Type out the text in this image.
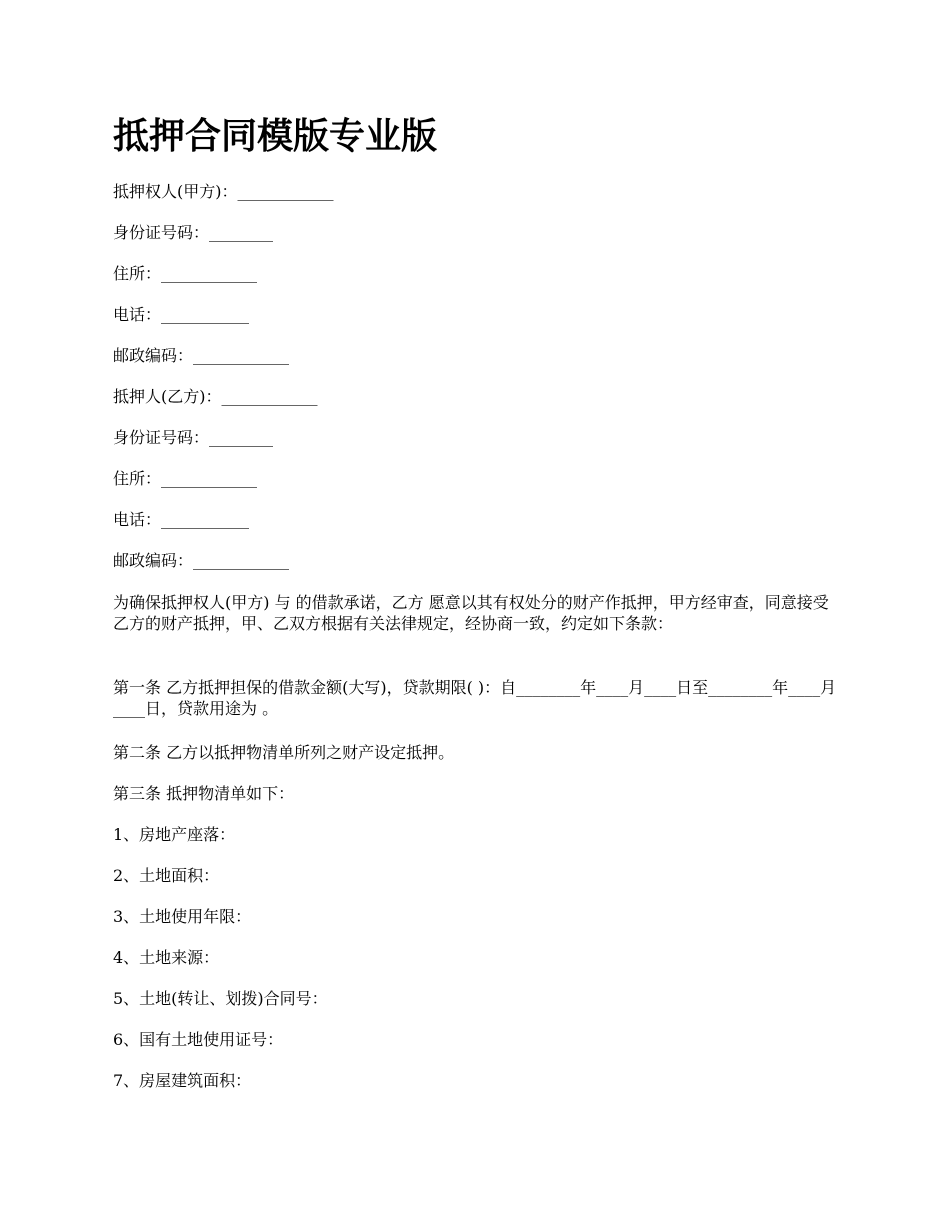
抵押合同模版专业版

抵押权人(甲方)：____________

身份证号码：________

住所：____________

电话：___________

邮政编码：____________

抵押人(乙方)：____________

身份证号码：________

住所：____________

电话：___________

邮政编码：____________

为确保抵押权人(甲方) 与 的借款承诺，乙方 愿意以其有权处分的财产作抵押，甲方经审查，同意接受乙方的财产抵押，甲、乙双方根据有关法律规定，经协商一致，约定如下条款：

第一条 乙方抵押担保的借款金额(大写)，贷款期限( )：自________年____月____日至________年____月____日，贷款用途为 。

第二条 乙方以抵押物清单所列之财产设定抵押。

第三条 抵押物清单如下：

1、房地产座落：

2、土地面积：

3、土地使用年限：

4、土地来源：

5、土地(转让、划拨)合同号：

6、国有土地使用证号：

7、房屋建筑面积：
